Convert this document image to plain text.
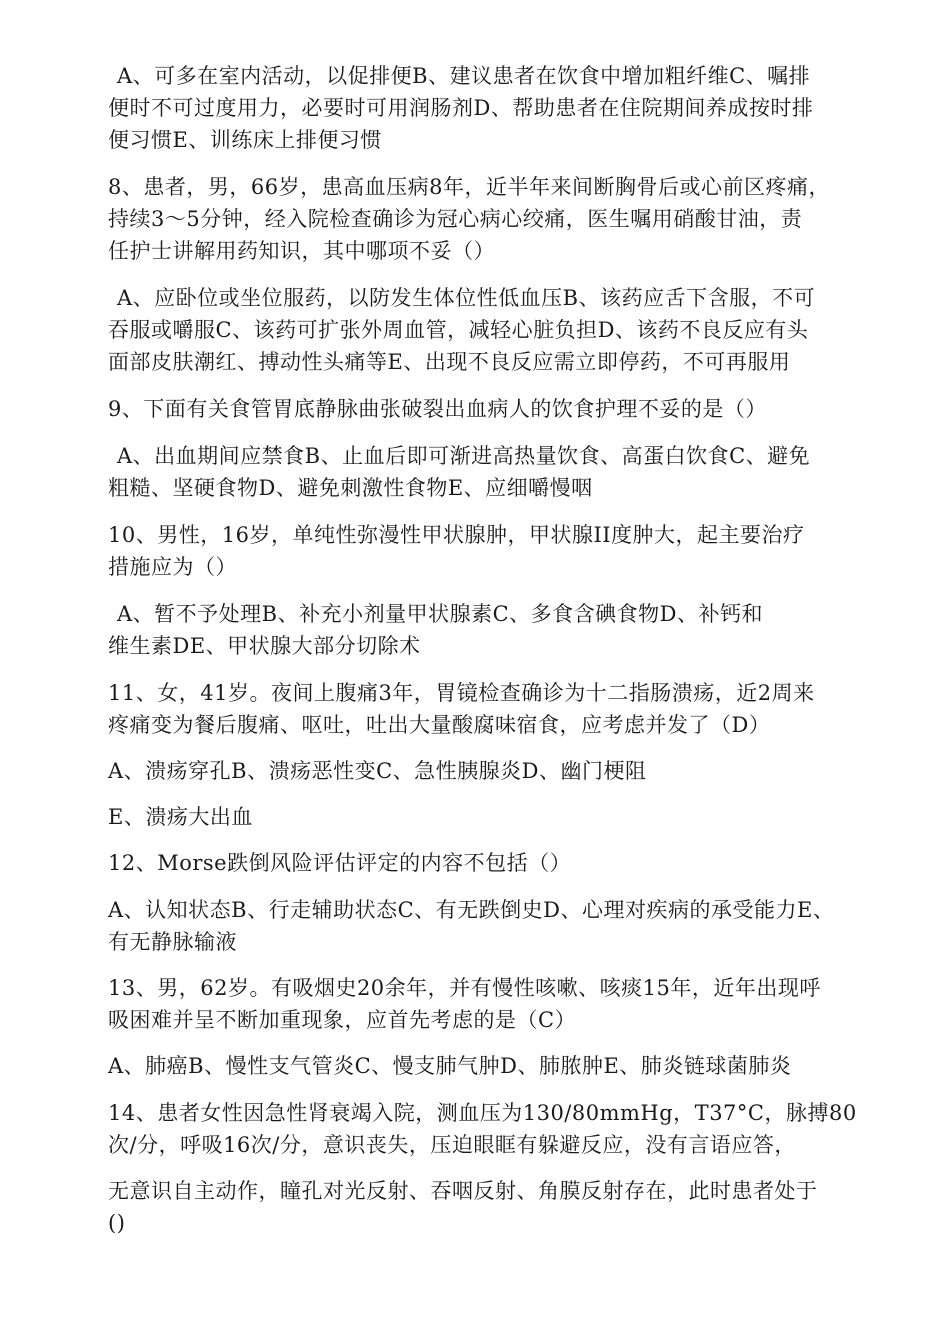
A、可多在室内活动，以促排便B、建议患者在饮食中增加粗纤维C、嘱排
便时不可过度用力，必要时可用润肠剂D、帮助患者在住院期间养成按时排
便习惯E、训练床上排便习惯
8、患者，男，66岁，患高血压病8年，近半年来间断胸骨后或心前区疼痛，
持续3～5分钟，经入院检查确诊为冠心病心绞痛，医生嘱用硝酸甘油，责
任护士讲解用药知识，其中哪项不妥（）
A、应卧位或坐位服药，以防发生体位性低血压B、该药应舌下含服，不可
吞服或嚼服C、该药可扩张外周血管，减轻心脏负担D、该药不良反应有头
面部皮肤潮红、搏动性头痛等E、出现不良反应需立即停药，不可再服用
9、下面有关食管胃底静脉曲张破裂出血病人的饮食护理不妥的是（）
A、出血期间应禁食B、止血后即可渐进高热量饮食、高蛋白饮食C、避免
粗糙、坚硬食物D、避免刺激性食物E、应细嚼慢咽
10、男性，16岁，单纯性弥漫性甲状腺肿，甲状腺II度肿大，起主要治疗
措施应为（）
A、暂不予处理B、补充小剂量甲状腺素C、多食含碘食物D、补钙和
维生素DE、甲状腺大部分切除术
11、女，41岁。夜间上腹痛3年，胃镜检查确诊为十二指肠溃疡，近2周来
疼痛变为餐后腹痛、呕吐，吐出大量酸腐味宿食，应考虑并发了（D）
A、溃疡穿孔B、溃疡恶性变C、急性胰腺炎D、幽门梗阻
E、溃疡大出血
12、Morse跌倒风险评估评定的内容不包括（）
A、认知状态B、行走辅助状态C、有无跌倒史D、心理对疾病的承受能力E、
有无静脉输液
13、男，62岁。有吸烟史20余年，并有慢性咳嗽、咳痰15年，近年出现呼
吸困难并呈不断加重现象，应首先考虑的是（C）
A、肺癌B、慢性支气管炎C、慢支肺气肿D、肺脓肿E、肺炎链球菌肺炎
14、患者女性因急性肾衰竭入院，测血压为130/80mmHg，T37°C，脉搏80
次/分，呼吸16次/分，意识丧失，压迫眼眶有躲避反应，没有言语应答，
无意识自主动作，瞳孔对光反射、吞咽反射、角膜反射存在，此时患者处于
()
